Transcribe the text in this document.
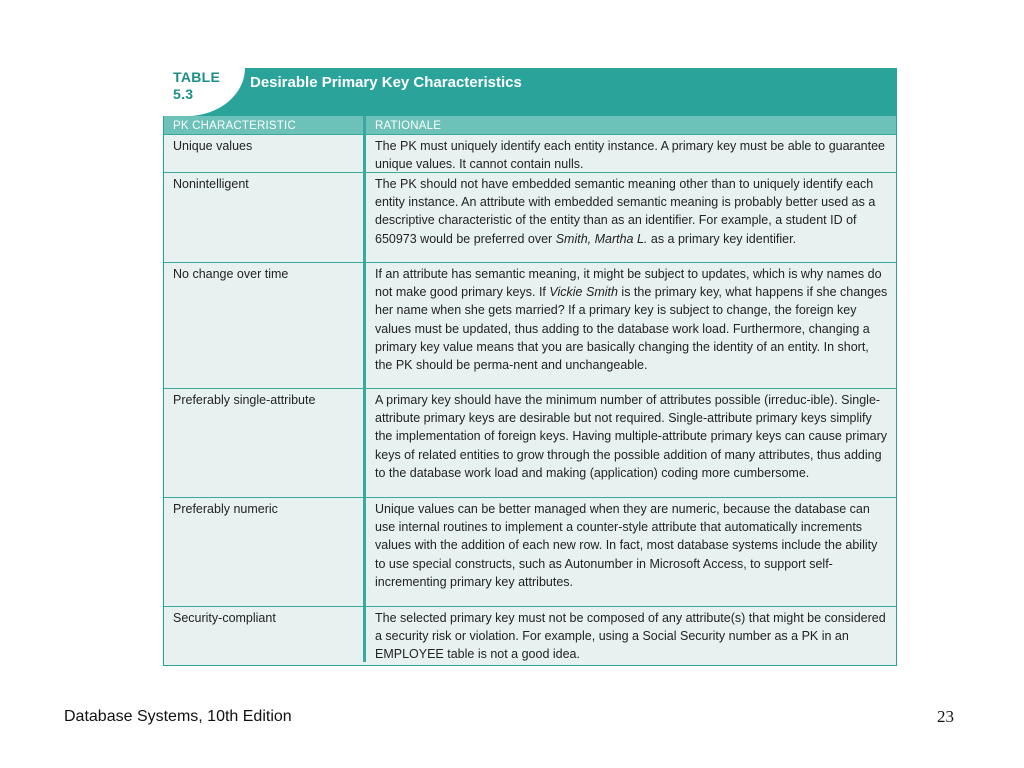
TABLE
5.3
Desirable Primary Key Characteristics
PK CHARACTERISTIC	RATIONALE
Unique values	The PK must uniquely identify each entity instance. A primary key must be able to guarantee unique values. It cannot contain nulls.
Nonintelligent	The PK should not have embedded semantic meaning other than to uniquely identify each entity instance. An attribute with embedded semantic meaning is probably better used as a descriptive characteristic of the entity than as an identifier. For example, a student ID of 650973 would be preferred over Smith, Martha L. as a primary key identifier.
No change over time	If an attribute has semantic meaning, it might be subject to updates, which is why names do not make good primary keys. If Vickie Smith is the primary key, what happens if she changes her name when she gets married? If a primary key is subject to change, the foreign key values must be updated, thus adding to the database work load. Furthermore, changing a primary key value means that you are basically changing the identity of an entity. In short, the PK should be perma-nent and unchangeable.
Preferably single-attribute	A primary key should have the minimum number of attributes possible (irreduc-ible). Single-attribute primary keys are desirable but not required. Single-attribute primary keys simplify the implementation of foreign keys. Having multiple-attribute primary keys can cause primary keys of related entities to grow through the possible addition of many attributes, thus adding to the database work load and making (application) coding more cumbersome.
Preferably numeric	Unique values can be better managed when they are numeric, because the database can use internal routines to implement a counter-style attribute that automatically increments values with the addition of each new row. In fact, most database systems include the ability to use special constructs, such as Autonumber in Microsoft Access, to support self-incrementing primary key attributes.
Security-compliant	The selected primary key must not be composed of any attribute(s) that might be considered a security risk or violation. For example, using a Social Security number as a PK in an EMPLOYEE table is not a good idea.
Database Systems, 10th Edition	23
